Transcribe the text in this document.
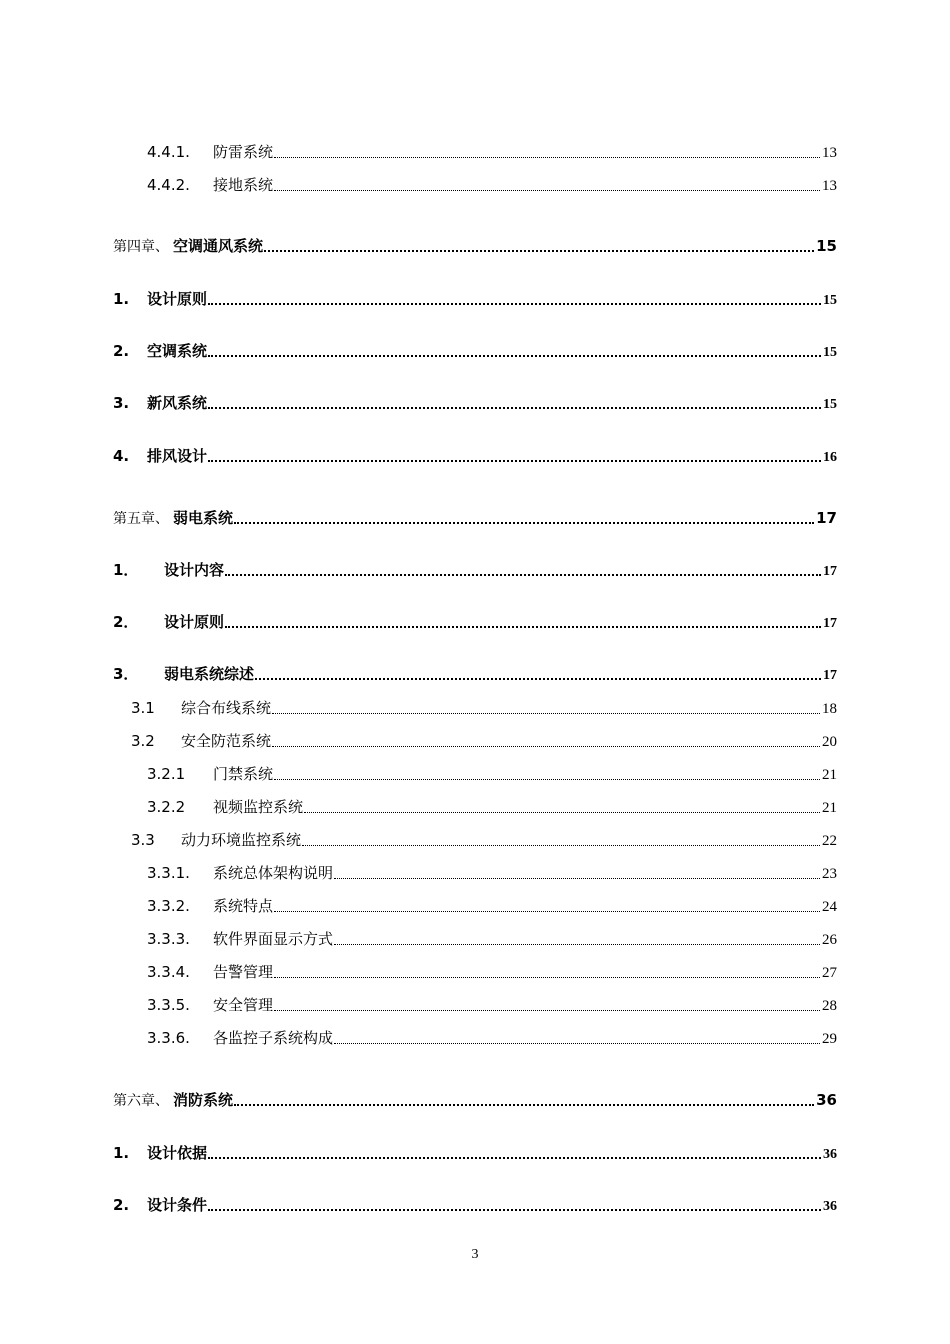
4.4.1.	防雷系统	13
4.4.2.	接地系统	13
第四章、 空调通风系统	15
1.	设计原则	15
2.	空调系统	15
3.	新风系统	15
4.	排风设计	16
第五章、 弱电系统	17
1．	设计内容	17
2．	设计原则	17
3．	弱电系统综述	17
3.1	综合布线系统	18
3.2	安全防范系统	20
3.2.1	门禁系统	21
3.2.2	视频监控系统	21
3.3	动力环境监控系统	22
3.3.1.	系统总体架构说明	23
3.3.2.	系统特点	24
3.3.3.	软件界面显示方式	26
3.3.4.	告警管理	27
3.3.5.	安全管理	28
3.3.6.	各监控子系统构成	29
第六章、 消防系统	36
1.	设计依据	36
2.	设计条件	36
3
